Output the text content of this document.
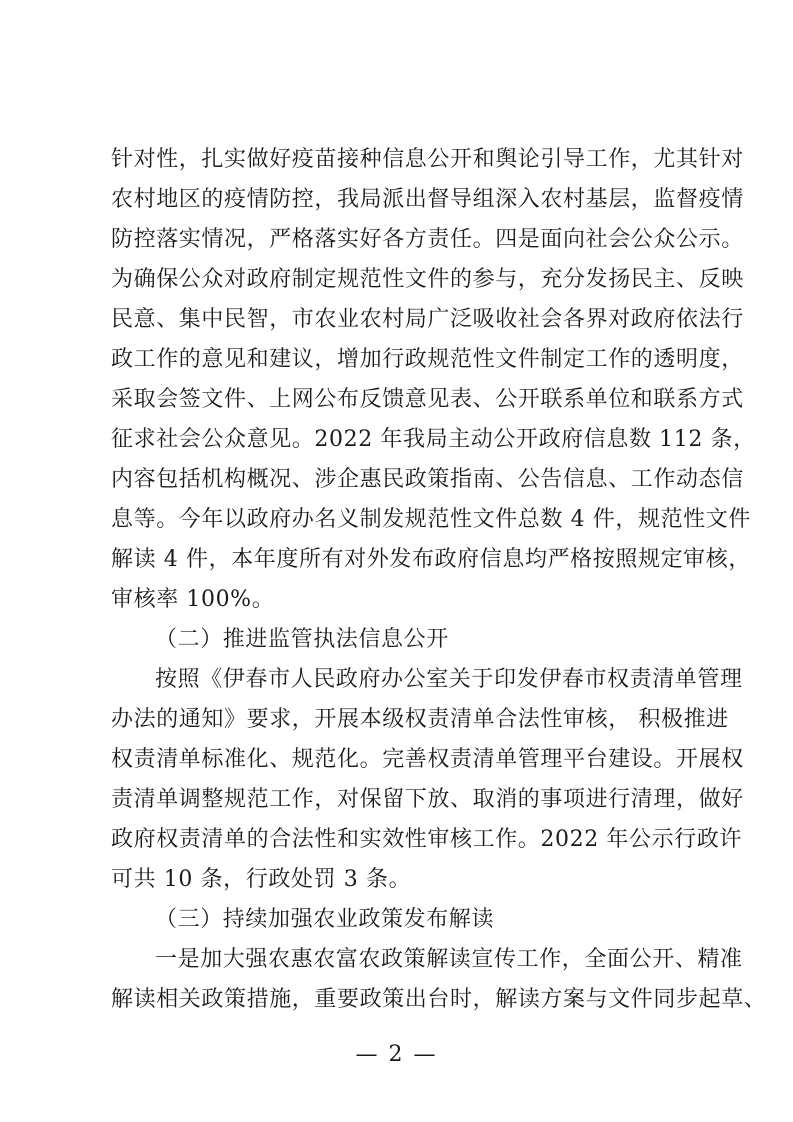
针对性，扎实做好疫苗接种信息公开和舆论引导工作，尤其针对
农村地区的疫情防控，我局派出督导组深入农村基层，监督疫情
防控落实情况，严格落实好各方责任。四是面向社会公众公示。
为确保公众对政府制定规范性文件的参与，充分发扬民主、反映
民意、集中民智，市农业农村局广泛吸收社会各界对政府依法行
政工作的意见和建议，增加行政规范性文件制定工作的透明度，
采取会签文件、上网公布反馈意见表、公开联系单位和联系方式
征求社会公众意见。2022 年我局主动公开政府信息数 112 条，
内容包括机构概况、涉企惠民政策指南、公告信息、工作动态信
息等。今年以政府办名义制发规范性文件总数 4 件，规范性文件
解读 4 件，本年度所有对外发布政府信息均严格按照规定审核，
审核率 100%。
（二）推进监管执法信息公开
按照《伊春市人民政府办公室关于印发伊春市权责清单管理
办法的通知》要求，开展本级权责清单合法性审核， 积极推进
权责清单标准化、规范化。完善权责清单管理平台建设。开展权
责清单调整规范工作，对保留下放、取消的事项进行清理，做好
政府权责清单的合法性和实效性审核工作。2022 年公示行政许
可共 10 条，行政处罚 3 条。
（三）持续加强农业政策发布解读
一是加大强农惠农富农政策解读宣传工作，全面公开、精准
解读相关政策措施，重要政策出台时，解读方案与文件同步起草、
— 2 —
